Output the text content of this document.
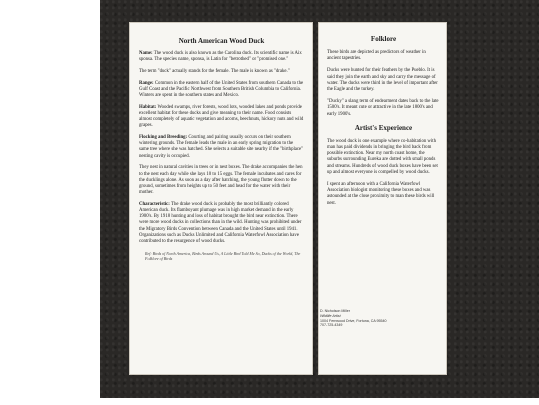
North American Wood Duck
Name: The wood duck is also known as the Carolina duck. Its scientific name is Aix sponsa. The species name, sponsa, is Latin for "betrothed" or "promised one."
The term "duck" actually stands for the female. The male is known as "drake."
Range: Common in the eastern half of the United States from southern Canada to the Gulf Coast and the Pacific Northwest from Southern British Columbia to California. Winters are spent in the southern states and Mexico.
Habitat: Wooded swamps, river forests, wood lots, wooded lakes and ponds provide excellent habitat for these ducks and give meaning to their name. Food consists almost completely of aquatic vegetation and acorns, beechnuts, hickory nuts and wild grapes.
Flocking and Breeding: Courting and pairing usually occurs on their southern wintering grounds. The female leads the male in an early spring migration to the same tree where she was hatched. She selects a suitable site nearby if the "birthplace" nesting cavity is occupied.
They nest in natural cavities in trees or in nest boxes. The drake accompanies the hen to the nest each day while she lays 10 to 15 eggs. The female incubates and cares for the ducklings alone. As soon as a day after hatching, the young flutter down to the ground, sometimes from heights up to 50 feet and head for the water with their mother.
Characteristic: The drake wood duck is probably the most brilliantly colored American duck. Its flamboyant plumage was in high market demand in the early 1900's. By 1918 hunting and loss of habitat brought the bird near extinction. There were more wood ducks in collections than in the wild. Hunting was prohibited under the Migratory Birds Convention between Canada and the United States until 1941. Organizations such as Ducks Unlimited and California Waterfowl Association have contributed to the resurgence of wood ducks.
Ref: Birds of North America, Birds Around Us, A Little Bird Told Me So, Ducks of the World, The Folklore of Birds
Folklore
These birds are depicted as predictors of weather in ancient tapestries.
Ducks were hunted for their feathers by the Pueblo. It is said they join the earth and sky and carry the message of water. The ducks were third in the level of important after the Eagle and the turkey.
"Ducky" a slang term of endearment dates back to the late 1500's. It meant cute or attractive in the late 1800's and early 1900's.
Artist's Experience
The wood duck is one example where co-habitation with man has paid dividends in bringing the bird back from possible extinction. Near my north coast home, the suburbs surrounding Eureka are dotted with small ponds and streams. Hundreds of wood duck boxes have been set up and almost everyone is compelled by wood ducks.
I spent an afternoon with a California Waterfowl Association biologist monitoring these boxes and was astounded at the close proximity to man these birds will nest.
D. Nicholson Miller
Wildlife Artist
1004 Fernwood Drive, Fortuna, CA 95540
707-725-4349
